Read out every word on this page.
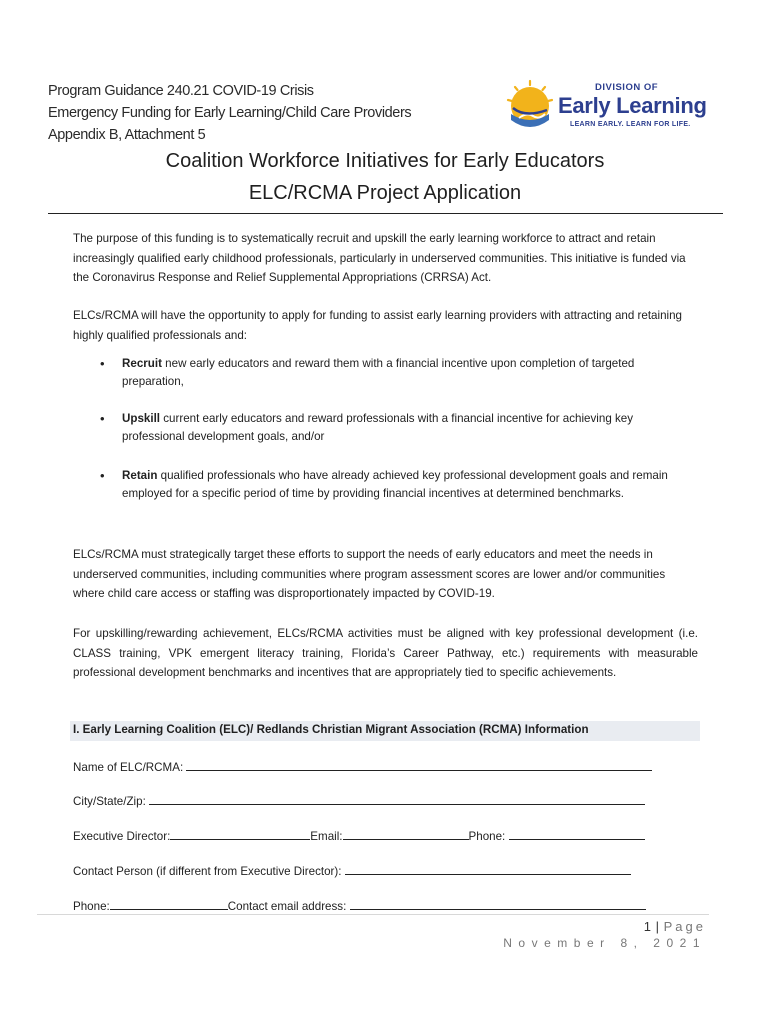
Program Guidance 240.21 COVID-19 Crisis
Emergency Funding for Early Learning/Child Care Providers
Appendix B, Attachment 5
DIVISION OF
Early Learning
LEARN EARLY. LEARN FOR LIFE.
Coalition Workforce Initiatives for Early Educators
ELC/RCMA Project Application
The purpose of this funding is to systematically recruit and upskill the early learning workforce to attract and retain increasingly qualified early childhood professionals, particularly in underserved communities. This initiative is funded via the Coronavirus Response and Relief Supplemental Appropriations (CRRSA) Act.
ELCs/RCMA will have the opportunity to apply for funding to assist early learning providers with attracting and retaining highly qualified professionals and:
• Recruit new early educators and reward them with a financial incentive upon completion of targeted preparation,
• Upskill current early educators and reward professionals with a financial incentive for achieving key professional development goals, and/or
• Retain qualified professionals who have already achieved key professional development goals and remain employed for a specific period of time by providing financial incentives at determined benchmarks.
ELCs/RCMA must strategically target these efforts to support the needs of early educators and meet the needs in underserved communities, including communities where program assessment scores are lower and/or communities where child care access or staffing was disproportionately impacted by COVID-19.
For upskilling/rewarding achievement, ELCs/RCMA activities must be aligned with key professional development (i.e. CLASS training, VPK emergent literacy training, Florida’s Career Pathway, etc.) requirements with measurable professional development benchmarks and incentives that are appropriately tied to specific achievements.
I. Early Learning Coalition (ELC)/ Redlands Christian Migrant Association (RCMA) Information
Name of ELC/RCMA:
City/State/Zip:
Executive Director:	Email:	Phone:
Contact Person (if different from Executive Director):
Phone:	Contact email address:
1 | Page
November 8, 2021
